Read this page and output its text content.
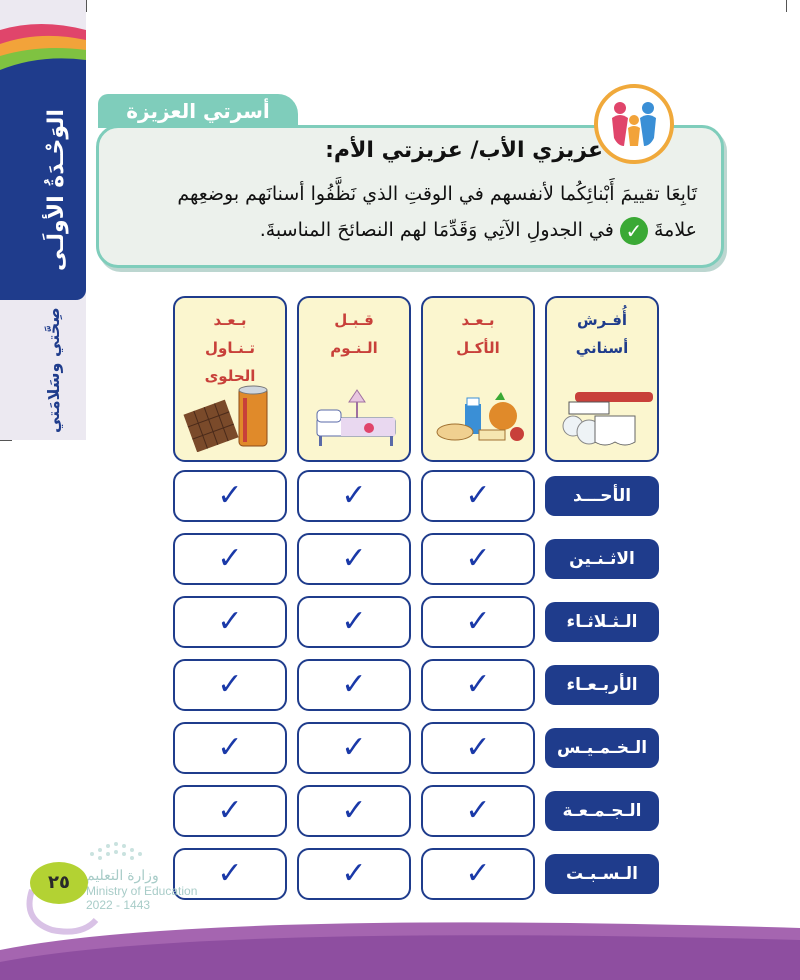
الوَحْـدَةُ الأولَـى
صِحَّتي وسَلامَتي
أسرتي العزيزة
عزيزي الأب/ عزيزتي الأم:
تَابِعَا تقييمَ أَبْنائِكُما لأنفسهم في الوقتِ الذي نَظَّفُوا أسنانَهم بوضعِهم
علامةَ ✓ في الجدولِ الآتِي وَقَدِّمَا لهم النصائحَ المناسبةَ.
أُفـرش أسناني
بـعـد الأكـل
قـبـل الـنـوم
بـعـد تـنـاول الحلوى
الأحـــد
✓
✓
✓
الاثـنـين
✓
✓
✓
الـثـلاثـاء
✓
✓
✓
الأربـعـاء
✓
✓
✓
الـخـمـيـس
✓
✓
✓
الـجـمـعـة
✓
✓
✓
الـسـبـت
✓
✓
✓
وزارة التعليم
Ministry of Education
2022 - 1443
٢٥
